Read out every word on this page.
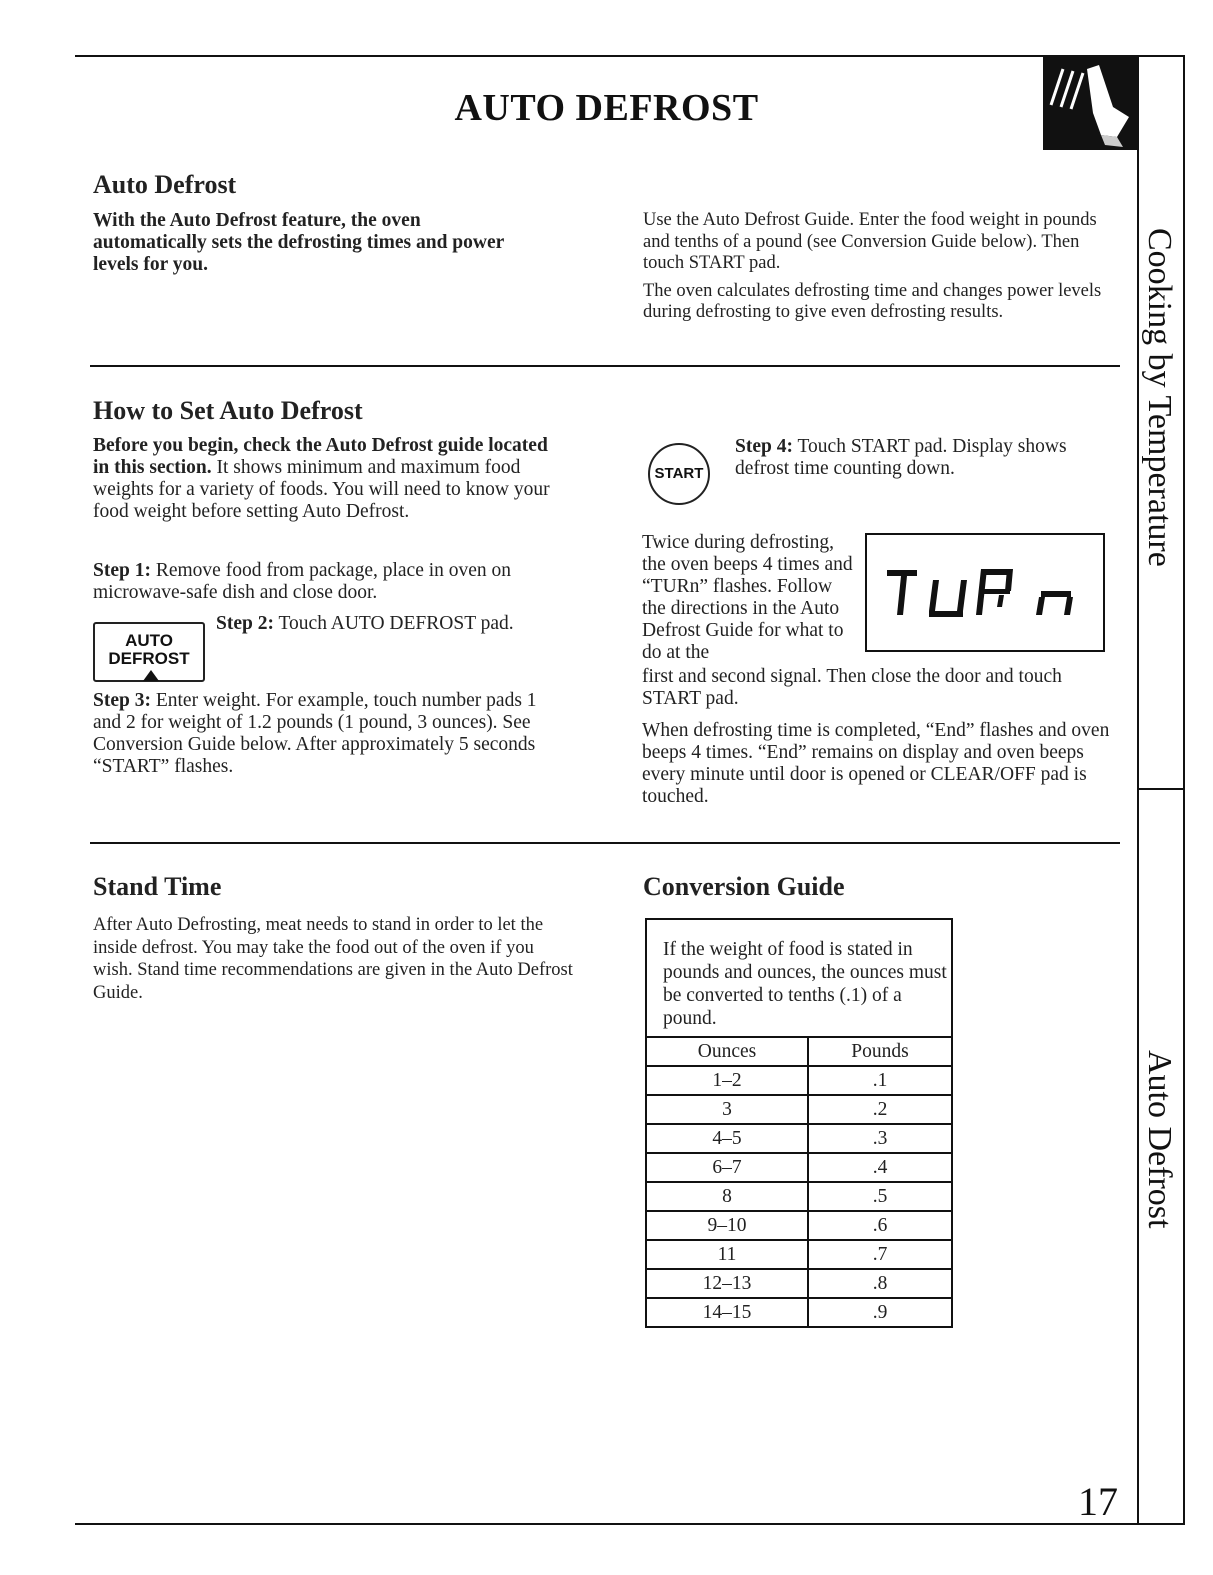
AUTO DEFROST
Auto Defrost
With the Auto Defrost feature, the oven automatically sets the defrosting times and power levels for you.

Use the Auto Defrost Guide. Enter the food weight in pounds and tenths of a pound (see Conversion Guide below). Then touch START pad.

The oven calculates defrosting time and changes power levels during defrosting to give even defrosting results.

How to Set Auto Defrost
Before you begin, check the Auto Defrost guide located in this section. It shows minimum and maximum food weights for a variety of foods. You will need to know your food weight before setting Auto Defrost.
Step 1: Remove food from package, place in oven on microwave-safe dish and close door.
AUTO
DEFROST
Step 2: Touch AUTO DEFROST pad.
Step 3: Enter weight. For example, touch number pads 1 and 2 for weight of 1.2 pounds (1 pound, 3 ounces). See Conversion Guide below. After approximately 5 seconds “START” flashes.
START
Step 4: Touch START pad. Display shows defrost time counting down.
Twice during defrosting, the oven beeps 4 times and “TURn” flashes. Follow the directions in the Auto Defrost Guide for what to do at the
first and second signal. Then close the door and touch START pad.
When defrosting time is completed, “End” flashes and oven beeps 4 times. “End” remains on display and oven beeps every minute until door is opened or CLEAR/OFF pad is touched.
Stand Time
After Auto Defrosting, meat needs to stand in order to let the inside defrost. You may take the food out of the oven if you wish. Stand time recommendations are given in the Auto Defrost Guide.
Conversion Guide
If the weight of food is stated in pounds and ounces, the ounces must be converted to tenths (.1) of a pound.
Ounces	Pounds
1–2	.1
3	.2
4–5	.3
6–7	.4
8	.5
9–10	.6
11	.7
12–13	.8
14–15	.9
Cooking by Temperature
Auto Defrost
17
